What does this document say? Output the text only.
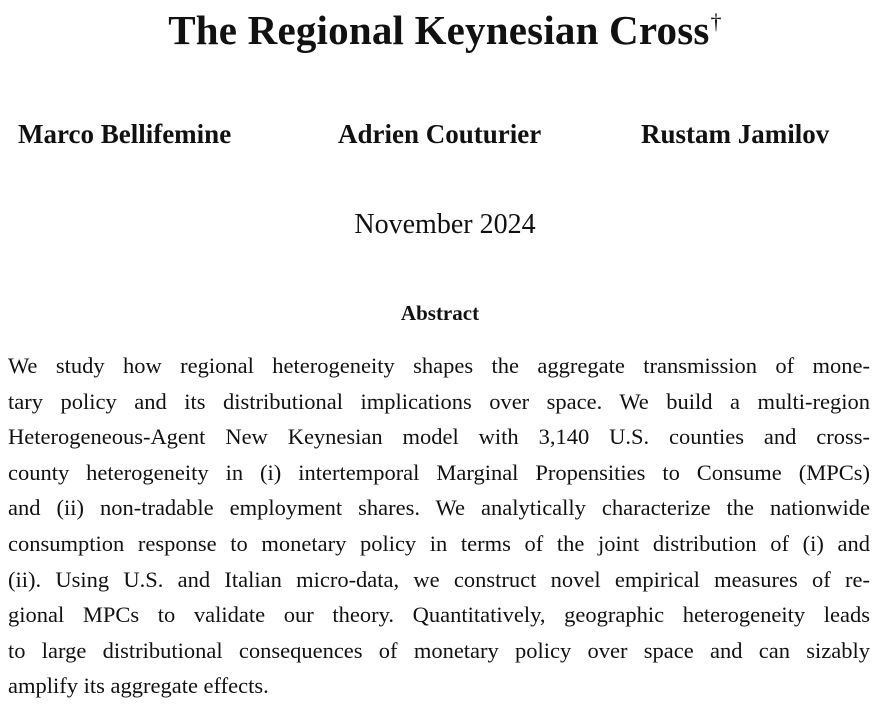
The Regional Keynesian Cross†
Marco Bellifemine	Adrien Couturier	Rustam Jamilov
November 2024
Abstract
We study how regional heterogeneity shapes the aggregate transmission of mone-
tary policy and its distributional implications over space. We build a multi-region
Heterogeneous-Agent New Keynesian model with 3,140 U.S. counties and cross-
county heterogeneity in (i) intertemporal Marginal Propensities to Consume (MPCs)
and (ii) non-tradable employment shares. We analytically characterize the nationwide
consumption response to monetary policy in terms of the joint distribution of (i) and
(ii). Using U.S. and Italian micro-data, we construct novel empirical measures of re-
gional MPCs to validate our theory. Quantitatively, geographic heterogeneity leads
to large distributional consequences of monetary policy over space and can sizably
amplify its aggregate effects.
